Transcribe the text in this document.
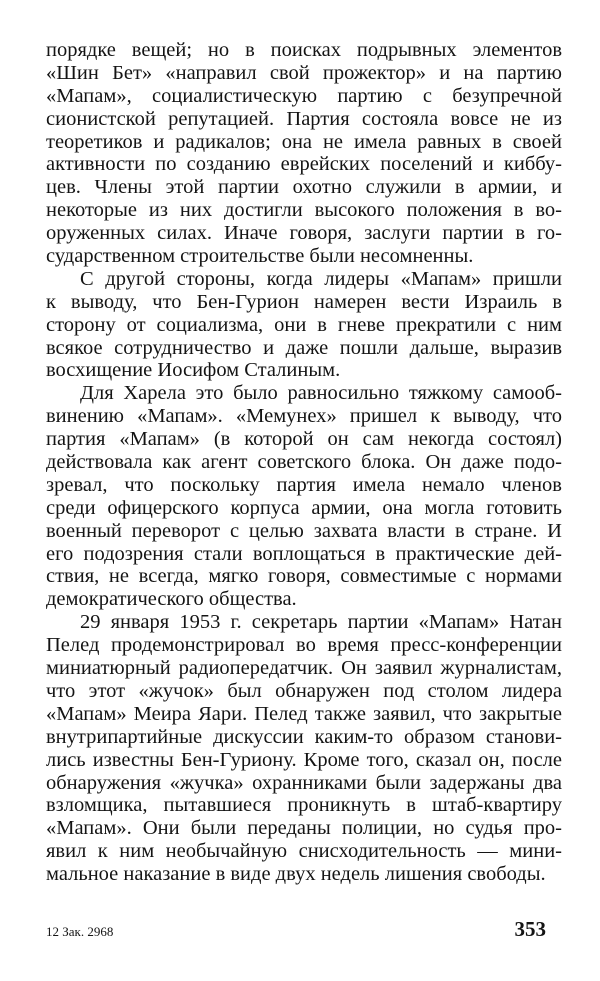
порядке вещей; но в поисках подрывных элементов
«Шин Бет» «направил свой прожектор» и на партию
«Мапам», социалистическую партию с безупречной
сионистской репутацией. Партия состояла вовсе не из
теоретиков и радикалов; она не имела равных в своей
активности по созданию еврейских поселений и киббу-
цев. Члены этой партии охотно служили в армии, и
некоторые из них достигли высокого положения в во-
оруженных силах. Иначе говоря, заслуги партии в го-
сударственном строительстве были несомненны.
С другой стороны, когда лидеры «Мапам» пришли
к выводу, что Бен-Гурион намерен вести Израиль в
сторону от социализма, они в гневе прекратили с ним
всякое сотрудничество и даже пошли дальше, выразив
восхищение Иосифом Сталиным.
Для Харела это было равносильно тяжкому самооб-
винению «Мапам». «Мемунех» пришел к выводу, что
партия «Мапам» (в которой он сам некогда состоял)
действовала как агент советского блока. Он даже подо-
зревал, что поскольку партия имела немало членов
среди офицерского корпуса армии, она могла готовить
военный переворот с целью захвата власти в стране. И
его подозрения стали воплощаться в практические дей-
ствия, не всегда, мягко говоря, совместимые с нормами
демократического общества.
29 января 1953 г. секретарь партии «Мапам» Натан
Пелед продемонстрировал во время пресс-конференции
миниатюрный радиопередатчик. Он заявил журналистам,
что этот «жучок» был обнаружен под столом лидера
«Мапам» Меира Яари. Пелед также заявил, что закрытые
внутрипартийные дискуссии каким-то образом станови-
лись известны Бен-Гуриону. Кроме того, сказал он, после
обнаружения «жучка» охранниками были задержаны два
взломщика, пытавшиеся проникнуть в штаб-квартиру
«Мапам». Они были переданы полиции, но судья про-
явил к ним необычайную снисходительность — мини-
мальное наказание в виде двух недель лишения свободы.
12 Зак. 2968	353
